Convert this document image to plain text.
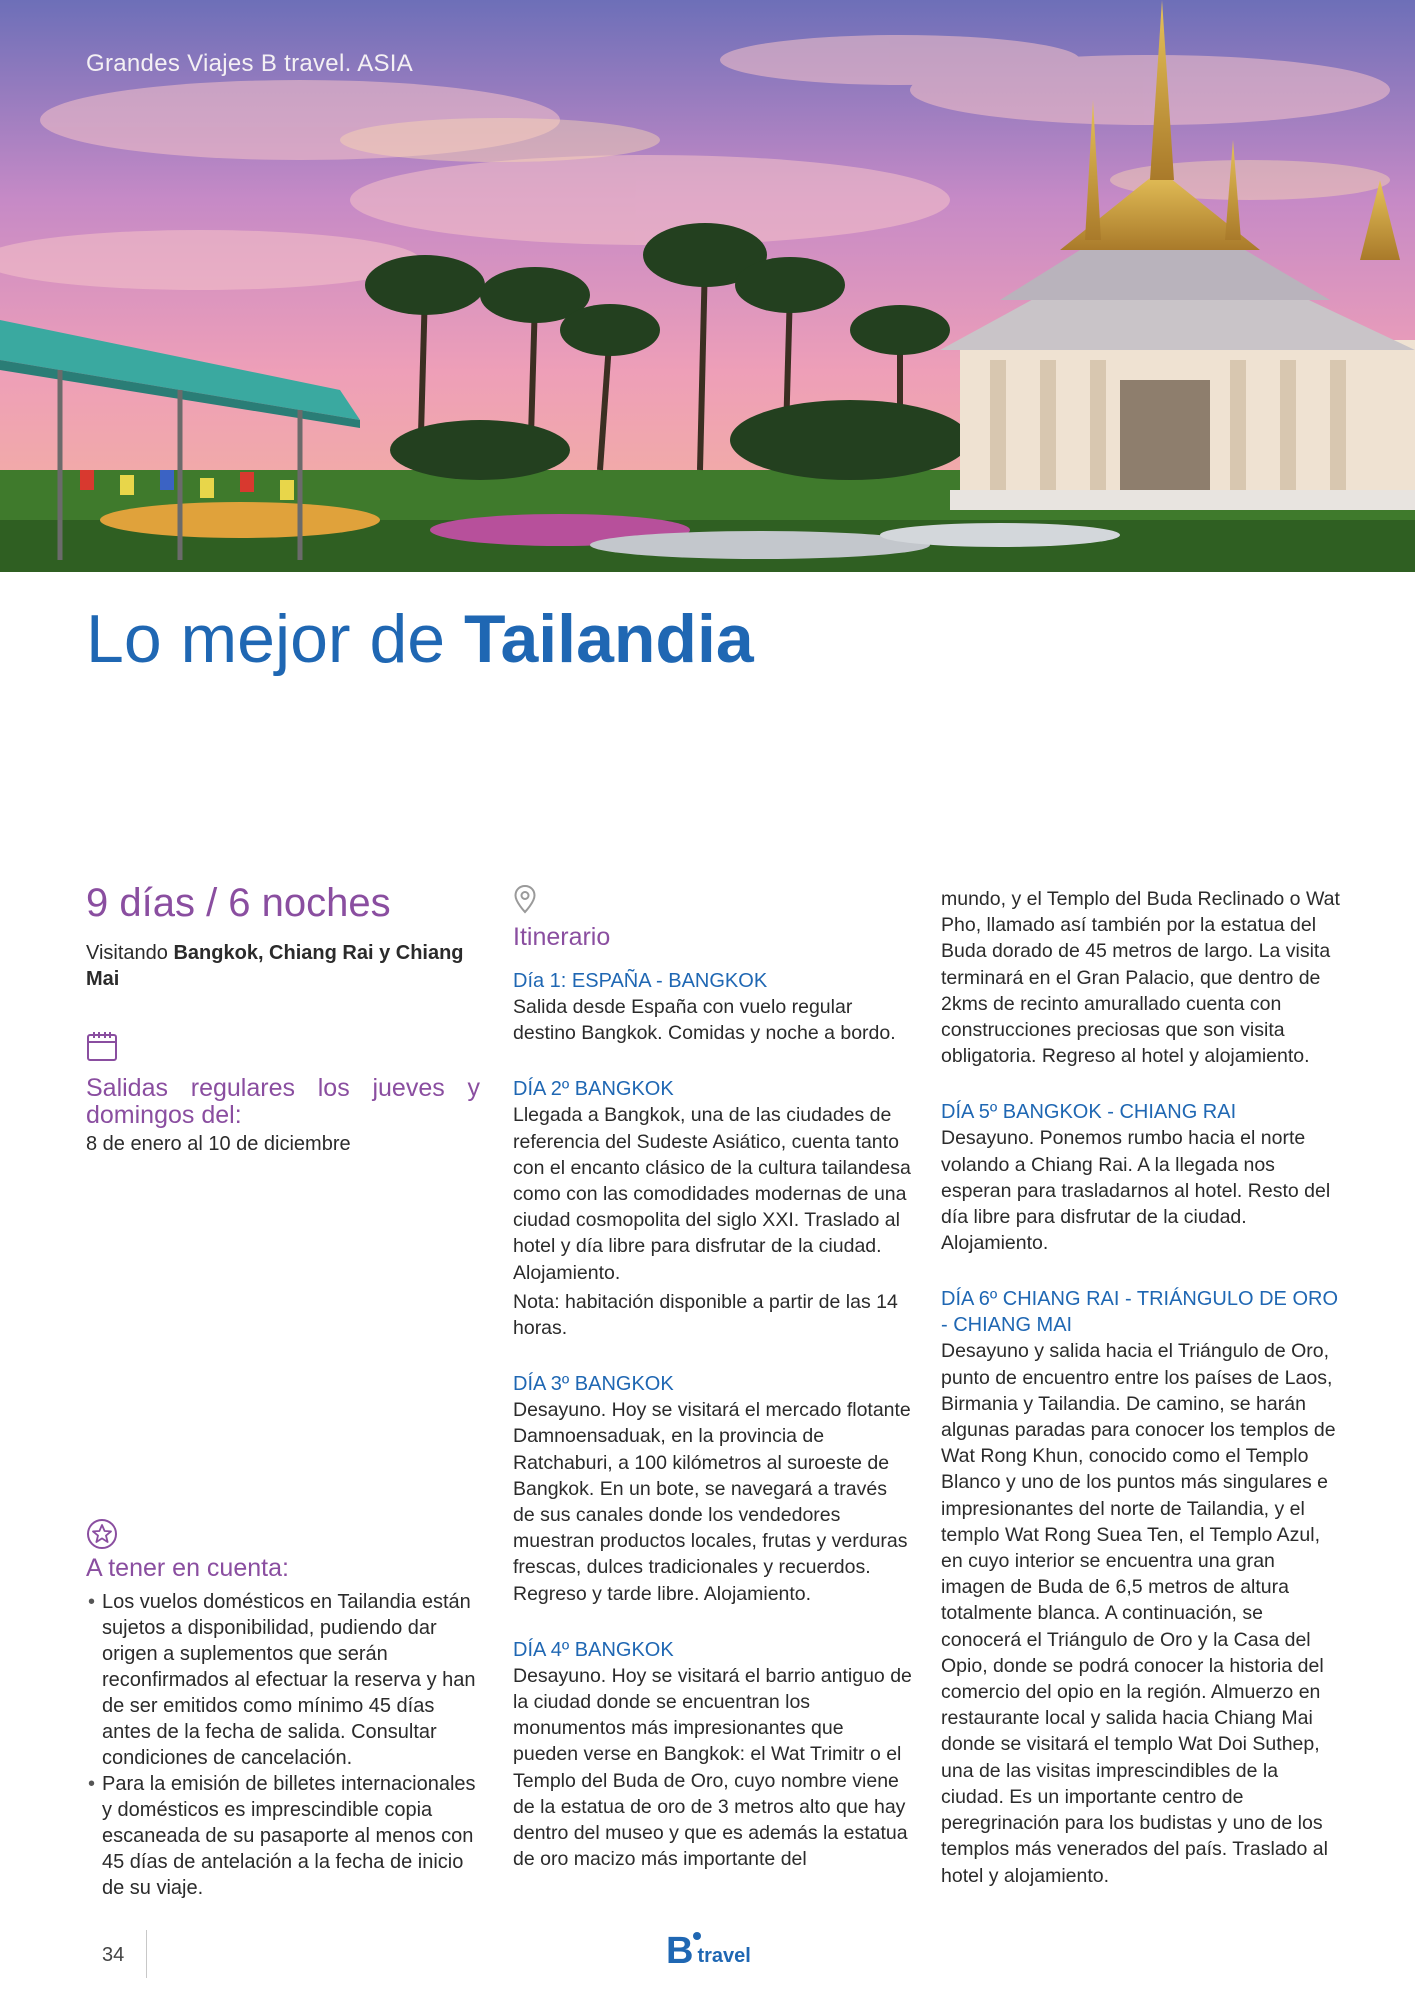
Grandes Viajes B travel. ASIA
Lo mejor de Tailandia
9 días / 6 noches
Visitando Bangkok, Chiang Rai y Chiang Mai
Salidas regulares los jueves y domingos del:
8 de enero al 10 de diciembre
A tener en cuenta:
• Los vuelos domésticos en Tailandia están sujetos a disponibilidad, pudiendo dar origen a suplementos que serán reconfirmados al efectuar la reserva y han de ser emitidos como mínimo 45 días antes de la fecha de salida. Consultar condiciones de cancelación.
• Para la emisión de billetes internacionales y domésticos es imprescindible copia escaneada de su pasaporte al menos con 45 días de antelación a la fecha de inicio de su viaje.
Itinerario
Día 1: ESPAÑA - BANGKOK
Salida desde España con vuelo regular destino Bangkok. Comidas y noche a bordo.
DÍA 2º BANGKOK
Llegada a Bangkok, una de las ciudades de referencia del Sudeste Asiático, cuenta tanto con el encanto clásico de la cultura tailandesa como con las comodidades modernas de una ciudad cosmopolita del siglo XXI. Traslado al hotel y día libre para disfrutar de la ciudad. Alojamiento.
Nota: habitación disponible a partir de las 14 horas.
DÍA 3º BANGKOK
Desayuno. Hoy se visitará el mercado flotante Damnoensaduak, en la provincia de Ratchaburi, a 100 kilómetros al suroeste de Bangkok. En un bote, se navegará a través de sus canales donde los vendedores muestran productos locales, frutas y verduras frescas, dulces tradicionales y recuerdos. Regreso y tarde libre. Alojamiento.
DÍA 4º BANGKOK
Desayuno. Hoy se visitará el barrio antiguo de la ciudad donde se encuentran los monumentos más impresionantes que pueden verse en Bangkok: el Wat Trimitr o el Templo del Buda de Oro, cuyo nombre viene de la estatua de oro de 3 metros alto que hay dentro del museo y que es además la estatua de oro macizo más importante del
mundo, y el Templo del Buda Reclinado o Wat Pho, llamado así también por la estatua del Buda dorado de 45 metros de largo. La visita terminará en el Gran Palacio, que dentro de 2kms de recinto amurallado cuenta con construcciones preciosas que son visita obligatoria. Regreso al hotel y alojamiento.
DÍA 5º BANGKOK - CHIANG RAI
Desayuno. Ponemos rumbo hacia el norte volando a Chiang Rai. A la llegada nos esperan para trasladarnos al hotel. Resto del día libre para disfrutar de la ciudad. Alojamiento.
DÍA 6º CHIANG RAI - TRIÁNGULO DE ORO - CHIANG MAI
Desayuno y salida hacia el Triángulo de Oro, punto de encuentro entre los países de Laos, Birmania y Tailandia. De camino, se harán algunas paradas para conocer los templos de Wat Rong Khun, conocido como el Templo Blanco y uno de los puntos más singulares e impresionantes del norte de Tailandia, y el templo Wat Rong Suea Ten, el Templo Azul, en cuyo interior se encuentra una gran imagen de Buda de 6,5 metros de altura totalmente blanca. A continuación, se conocerá el Triángulo de Oro y la Casa del Opio, donde se podrá conocer la historia del comercio del opio en la región. Almuerzo en restaurante local y salida hacia Chiang Mai donde se visitará el templo Wat Doi Suthep, una de las visitas imprescindibles de la ciudad. Es un importante centro de peregrinación para los budistas y uno de los templos más venerados del país. Traslado al hotel y alojamiento.
34	B travel
